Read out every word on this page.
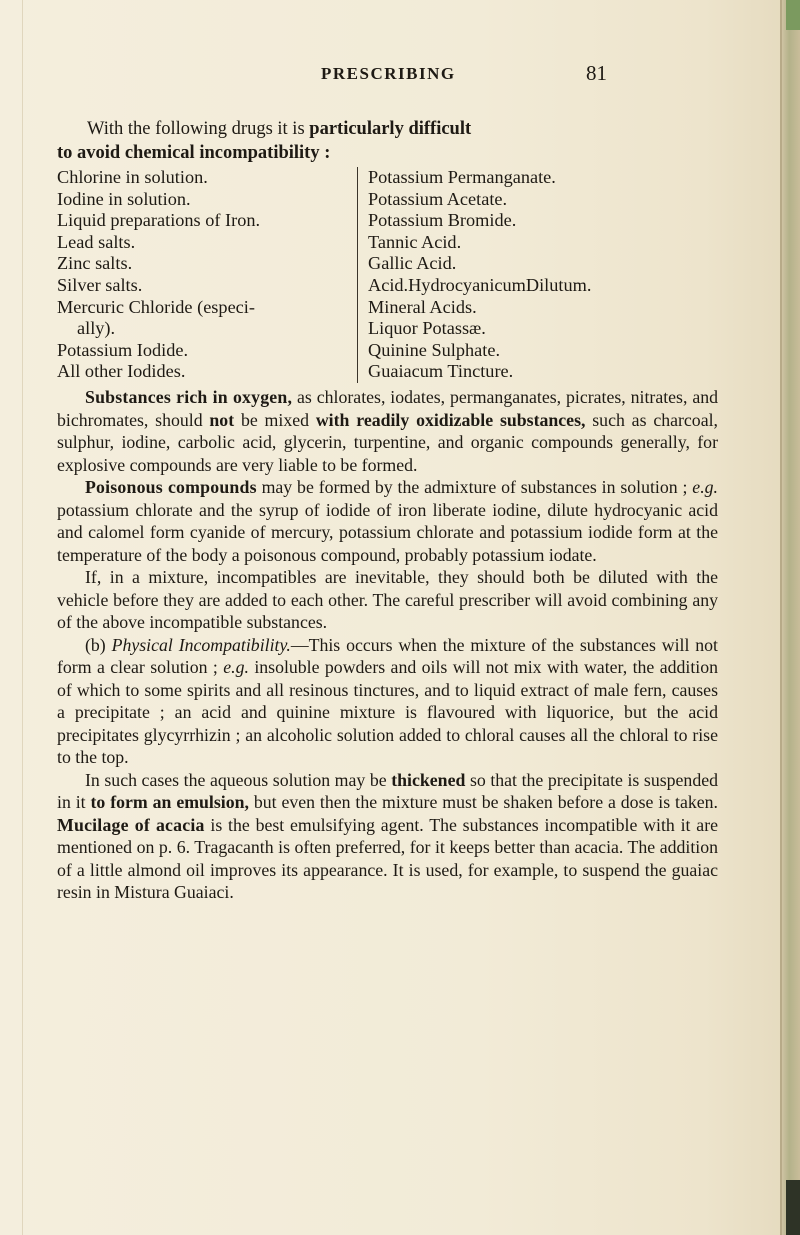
PRESCRIBING	81

With the following drugs it is particularly difficult
to avoid chemical incompatibility :

Chlorine in solution.
Iodine in solution.
Liquid preparations of Iron.
Lead salts.
Zinc salts.
Silver salts.
Mercuric Chloride (especi-
ally).
Potassium Iodide.
All other Iodides.
Potassium Permanganate.
Potassium Acetate.
Potassium Bromide.
Tannic Acid.
Gallic Acid.
Acid.HydrocyanicumDilutum.
Mineral Acids.
Liquor Potassæ.
Quinine Sulphate.
Guaiacum Tincture.

Substances rich in oxygen, as chlorates, iodates, permanganates, picrates, nitrates, and bichromates, should not be mixed with readily oxidizable substances, such as charcoal, sulphur, iodine, carbolic acid, glycerin, turpentine, and organic compounds generally, for explosive compounds are very liable to be formed.

Poisonous compounds may be formed by the admixture of substances in solution ; e.g. potassium chlorate and the syrup of iodide of iron liberate iodine, dilute hydrocyanic acid and calomel form cyanide of mercury, potassium chlorate and potassium iodide form at the temperature of the body a poisonous compound, probably potassium iodate.

If, in a mixture, incompatibles are inevitable, they should both be diluted with the vehicle before they are added to each other. The careful prescriber will avoid combining any of the above incompatible substances.

(b) Physical Incompatibility.—This occurs when the mixture of the substances will not form a clear solution ; e.g. insoluble powders and oils will not mix with water, the addition of which to some spirits and all resinous tinctures, and to liquid extract of male fern, causes a precipitate ; an acid and quinine mixture is flavoured with liquorice, but the acid precipitates glycyrrhizin ; an alcoholic solution added to chloral causes all the chloral to rise to the top.

In such cases the aqueous solution may be thickened so that the precipitate is suspended in it to form an emulsion, but even then the mixture must be shaken before a dose is taken. Mucilage of acacia is the best emulsifying agent. The substances incompatible with it are mentioned on p. 6. Tragacanth is often preferred, for it keeps better than acacia. The addition of a little almond oil improves its appearance. It is used, for example, to suspend the guaiac resin in Mistura Guaiaci.
